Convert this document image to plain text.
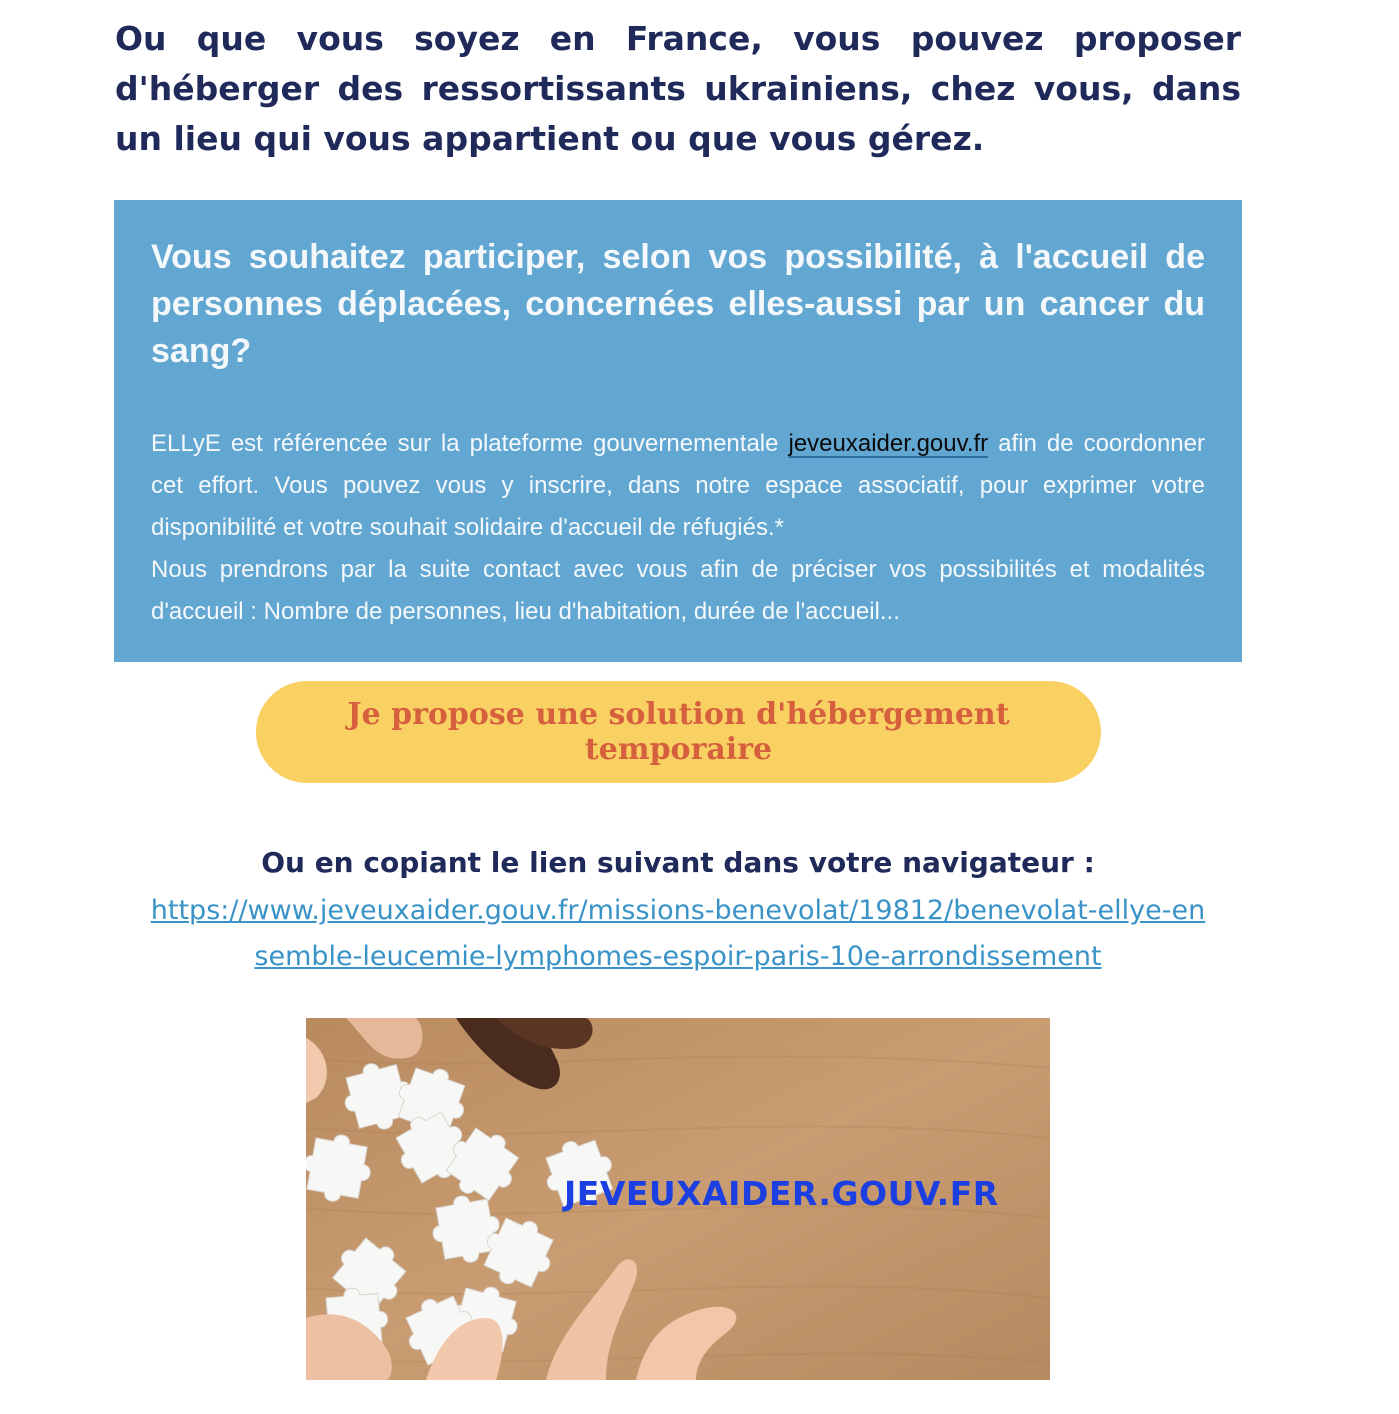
Ou que vous soyez en France, vous pouvez proposer d'héberger des ressortissants ukrainiens, chez vous, dans un lieu qui vous appartient ou que vous gérez.

Vous souhaitez participer, selon vos possibilité, à l'accueil de personnes déplacées, concernées elles-aussi par un cancer du sang?

ELLyE est référencée sur la plateforme gouvernementale jeveuxaider.gouv.fr afin de coordonner cet effort. Vous pouvez vous y inscrire, dans notre espace associatif, pour exprimer votre disponibilité et votre souhait solidaire d'accueil de réfugiés.*
Nous prendrons par la suite contact avec vous afin de préciser vos possibilités et modalités d'accueil : Nombre de personnes, lieu d'habitation, durée de l'accueil...

Je propose une solution d'hébergement temporaire

Ou en copiant le lien suivant dans votre navigateur :

https://www.jeveuxaider.gouv.fr/missions-benevolat/19812/benevolat-ellye-ensemble-leucemie-lymphomes-espoir-paris-10e-arrondissement
JEVEUXAIDER.GOUV.FR
